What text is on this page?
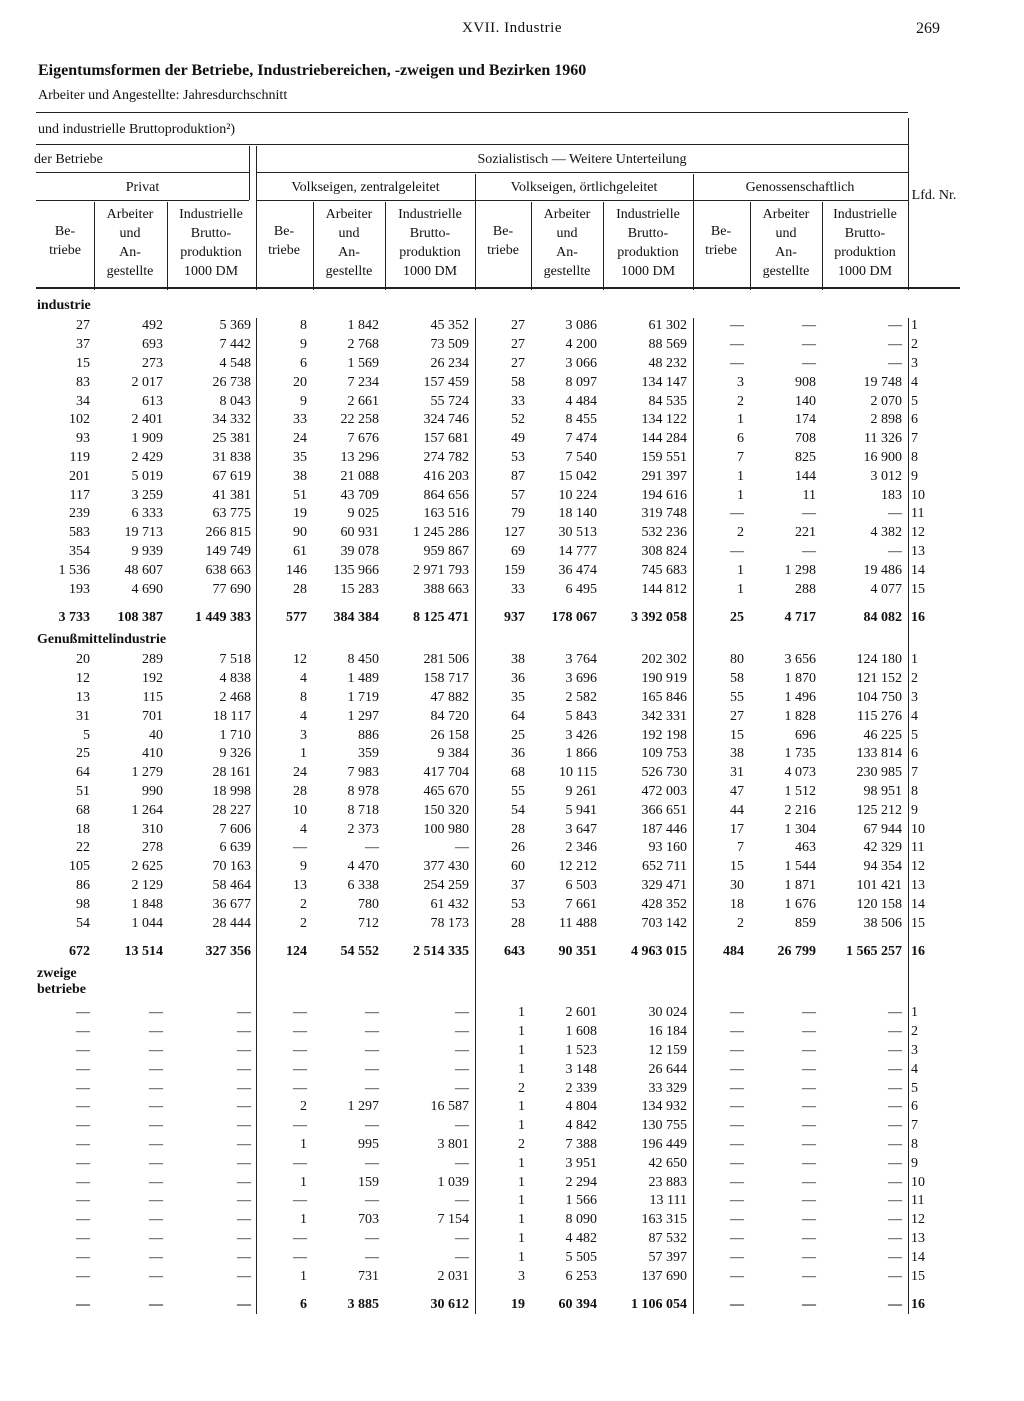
XVII. Industrie	269
Eigentumsformen der Betriebe, Industriebereichen, -zweigen und Bezirken 1960
Arbeiter und Angestellte: Jahresdurchschnitt
und industrielle Bruttoproduktion²)
der Betriebe	Sozialistisch — Weitere Unterteilung
Privat	Volkseigen, zentralgeleitet	Volkseigen, örtlichgeleitet	Genossenschaftlich
Lfd. Nr.
Be-
triebe
Arbeiter
und
An-
gestellte
Industrielle
Brutto-
produktion
1000 DM
Be-
triebe
Arbeiter
und
An-
gestellte
Industrielle
Brutto-
produktion
1000 DM
Be-
triebe
Arbeiter
und
An-
gestellte
Industrielle
Brutto-
produktion
1000 DM
Be-
triebe
Arbeiter
und
An-
gestellte
Industrielle
Brutto-
produktion
1000 DM
industrie
27	492	5 369	8	1 842	45 352	27	3 086	61 302	—	—	—	1
37	693	7 442	9	2 768	73 509	27	4 200	88 569	—	—	—	2
15	273	4 548	6	1 569	26 234	27	3 066	48 232	—	—	—	3
83	2 017	26 738	20	7 234	157 459	58	8 097	134 147	3	908	19 748	4
34	613	8 043	9	2 661	55 724	33	4 484	84 535	2	140	2 070	5
102	2 401	34 332	33	22 258	324 746	52	8 455	134 122	1	174	2 898	6
93	1 909	25 381	24	7 676	157 681	49	7 474	144 284	6	708	11 326	7
119	2 429	31 838	35	13 296	274 782	53	7 540	159 551	7	825	16 900	8
201	5 019	67 619	38	21 088	416 203	87	15 042	291 397	1	144	3 012	9
117	3 259	41 381	51	43 709	864 656	57	10 224	194 616	1	11	183	10
239	6 333	63 775	19	9 025	163 516	79	18 140	319 748	—	—	—	11
583	19 713	266 815	90	60 931	1 245 286	127	30 513	532 236	2	221	4 382	12
354	9 939	149 749	61	39 078	959 867	69	14 777	308 824	—	—	—	13
1 536	48 607	638 663	146	135 966	2 971 793	159	36 474	745 683	1	1 298	19 486	14
193	4 690	77 690	28	15 283	388 663	33	6 495	144 812	1	288	4 077	15
3 733	108 387	1 449 383	577	384 384	8 125 471	937	178 067	3 392 058	25	4 717	84 082	16
Genußmittelindustrie
20	289	7 518	12	8 450	281 506	38	3 764	202 302	80	3 656	124 180	1
12	192	4 838	4	1 489	158 717	36	3 696	190 919	58	1 870	121 152	2
13	115	2 468	8	1 719	47 882	35	2 582	165 846	55	1 496	104 750	3
31	701	18 117	4	1 297	84 720	64	5 843	342 331	27	1 828	115 276	4
5	40	1 710	3	886	26 158	25	3 426	192 198	15	696	46 225	5
25	410	9 326	1	359	9 384	36	1 866	109 753	38	1 735	133 814	6
64	1 279	28 161	24	7 983	417 704	68	10 115	526 730	31	4 073	230 985	7
51	990	18 998	28	8 978	465 670	55	9 261	472 003	47	1 512	98 951	8
68	1 264	28 227	10	8 718	150 320	54	5 941	366 651	44	2 216	125 212	9
18	310	7 606	4	2 373	100 980	28	3 647	187 446	17	1 304	67 944	10
22	278	6 639	—	—	—	26	2 346	93 160	7	463	42 329	11
105	2 625	70 163	9	4 470	377 430	60	12 212	652 711	15	1 544	94 354	12
86	2 129	58 464	13	6 338	254 259	37	6 503	329 471	30	1 871	101 421	13
98	1 848	36 677	2	780	61 432	53	7 661	428 352	18	1 676	120 158	14
54	1 044	28 444	2	712	78 173	28	11 488	703 142	2	859	38 506	15
672	13 514	327 356	124	54 552	2 514 335	643	90 351	4 963 015	484	26 799	1 565 257	16
zweige
betriebe
—	—	—	—	—	—	1	2 601	30 024	—	—	—	1
—	—	—	—	—	—	1	1 608	16 184	—	—	—	2
—	—	—	—	—	—	1	1 523	12 159	—	—	—	3
—	—	—	—	—	—	1	3 148	26 644	—	—	—	4
—	—	—	—	—	—	2	2 339	33 329	—	—	—	5
—	—	—	2	1 297	16 587	1	4 804	134 932	—	—	—	6
—	—	—	—	—	—	1	4 842	130 755	—	—	—	7
—	—	—	1	995	3 801	2	7 388	196 449	—	—	—	8
—	—	—	—	—	—	1	3 951	42 650	—	—	—	9
—	—	—	1	159	1 039	1	2 294	23 883	—	—	—	10
—	—	—	—	—	—	1	1 566	13 111	—	—	—	11
—	—	—	1	703	7 154	1	8 090	163 315	—	—	—	12
—	—	—	—	—	—	1	4 482	87 532	—	—	—	13
—	—	—	—	—	—	1	5 505	57 397	—	—	—	14
—	—	—	1	731	2 031	3	6 253	137 690	—	—	—	15
—	—	—	6	3 885	30 612	19	60 394	1 106 054	—	—	—	16
